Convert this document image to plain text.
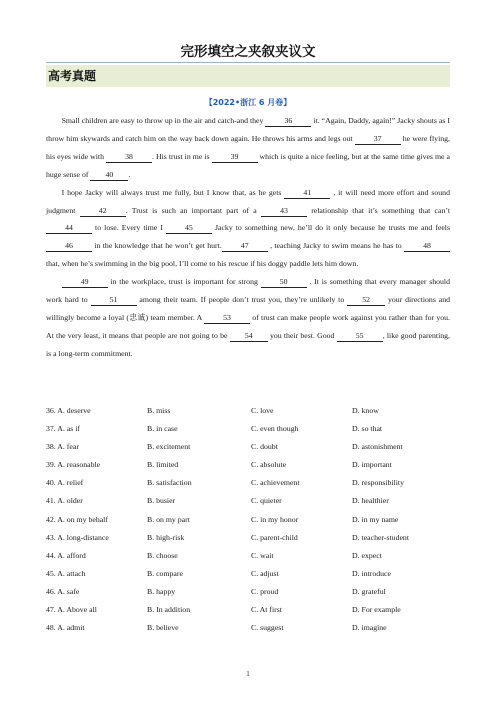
完形填空之夹叙夹议文
高考真题
【2022•浙江 6 月卷】

Small children are easy to throw up in the air and catch-and they 36 it. “Again, Daddy, again!” Jacky shouts as I throw him skywards and catch him on the way back down again. He throws his arms and legs out 37 he were flying, his eyes wide with 38 . His trust in me is 39 which is quite a nice feeling, but at the same time gives me a huge sense of 40 .

I hope Jacky will always trust me fully, but I know that, as he gets 41 , it will need more effort and sound judgment 42 . Trust is such an important part of a 43 relationship that it’s something that can’t 44 to lose. Every time I 45 Jacky to something new, he’ll do it only because he trusts me and feels 46 in the knowledge that he won’t get hurt. 47 , teaching Jacky to swim means he has to 48 that, when he’s swimming in the big pool, I’ll come to his rescue if his doggy paddle lets him down.

49 in the workplace, trust is important for strong 50 . It is something that every manager should work hard to 51 among their team. If people don’t trust you, they’re unlikely to 52 your directions and willingly become a loyal (忠诚) team member. A 53 of trust can make people work against you rather than for you. At the very least, it means that people are not going to be 54 you their best. Good 55 , like good parenting, is a long-term commitment.

36. A. deserve	B. miss	C. love	D. know
37. A. as if	B. in case	C. even though	D. so that
38. A. fear	B. excitement	C. doubt	D. astonishment
39. A. reasonable	B. limited	C. absolute	D. important
40. A. relief	B. satisfaction	C. achievement	D. responsibility
41. A. older	B. busier	C. quieter	D. healthier
42. A. on my behalf	B. on my part	C. in my honor	D. in my name
43. A. long-distance	B. high-risk	C. parent-child	D. teacher-student
44. A. afford	B. choose	C. wait	D. expect
45. A. attach	B. compare	C. adjust	D. introduce
46. A. safe	B. happy	C. proud	D. grateful
47. A. Above all	B. In addition	C. At first	D. For example
48. A. admit	B. believe	C. suggest	D. imagine
1
